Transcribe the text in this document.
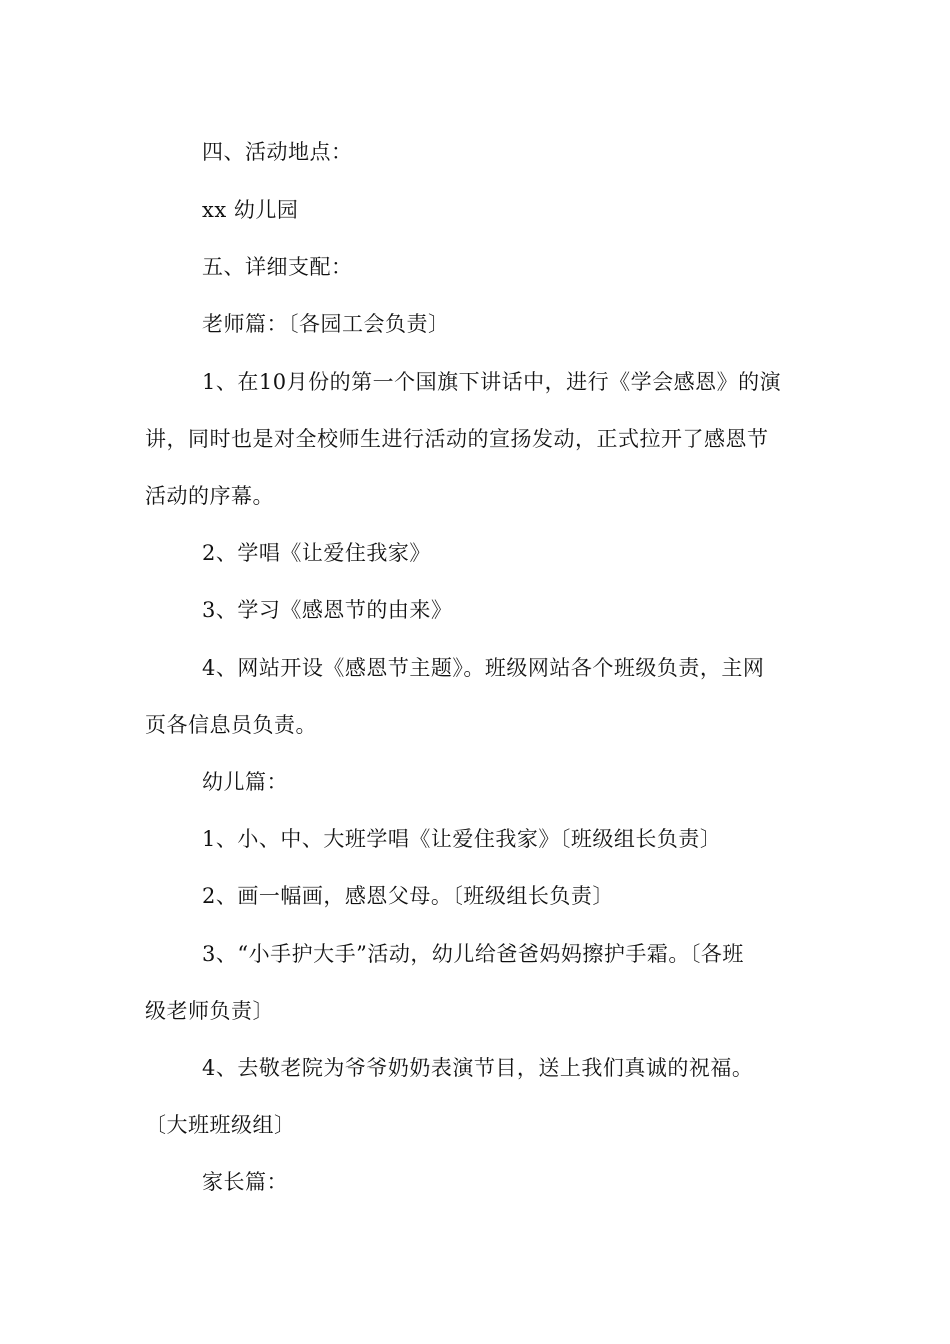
四、活动地点：

xx 幼儿园

五、详细支配：

老师篇：〔各园工会负责〕

1、在10月份的第一个国旗下讲话中，进行《学会感恩》的演

讲，同时也是对全校师生进行活动的宣扬发动，正式拉开了感恩节

活动的序幕。

2、学唱《让爱住我家》

3、学习《感恩节的由来》

4、网站开设《感恩节主题》。班级网站各个班级负责，主网

页各信息员负责。

幼儿篇：

1、小、中、大班学唱《让爱住我家》〔班级组长负责〕

2、画一幅画，感恩父母。〔班级组长负责〕

3、“小手护大手”活动，幼儿给爸爸妈妈擦护手霜。〔各班

级老师负责〕

4、去敬老院为爷爷奶奶表演节目，送上我们真诚的祝福。

〔大班班级组〕

家长篇：
